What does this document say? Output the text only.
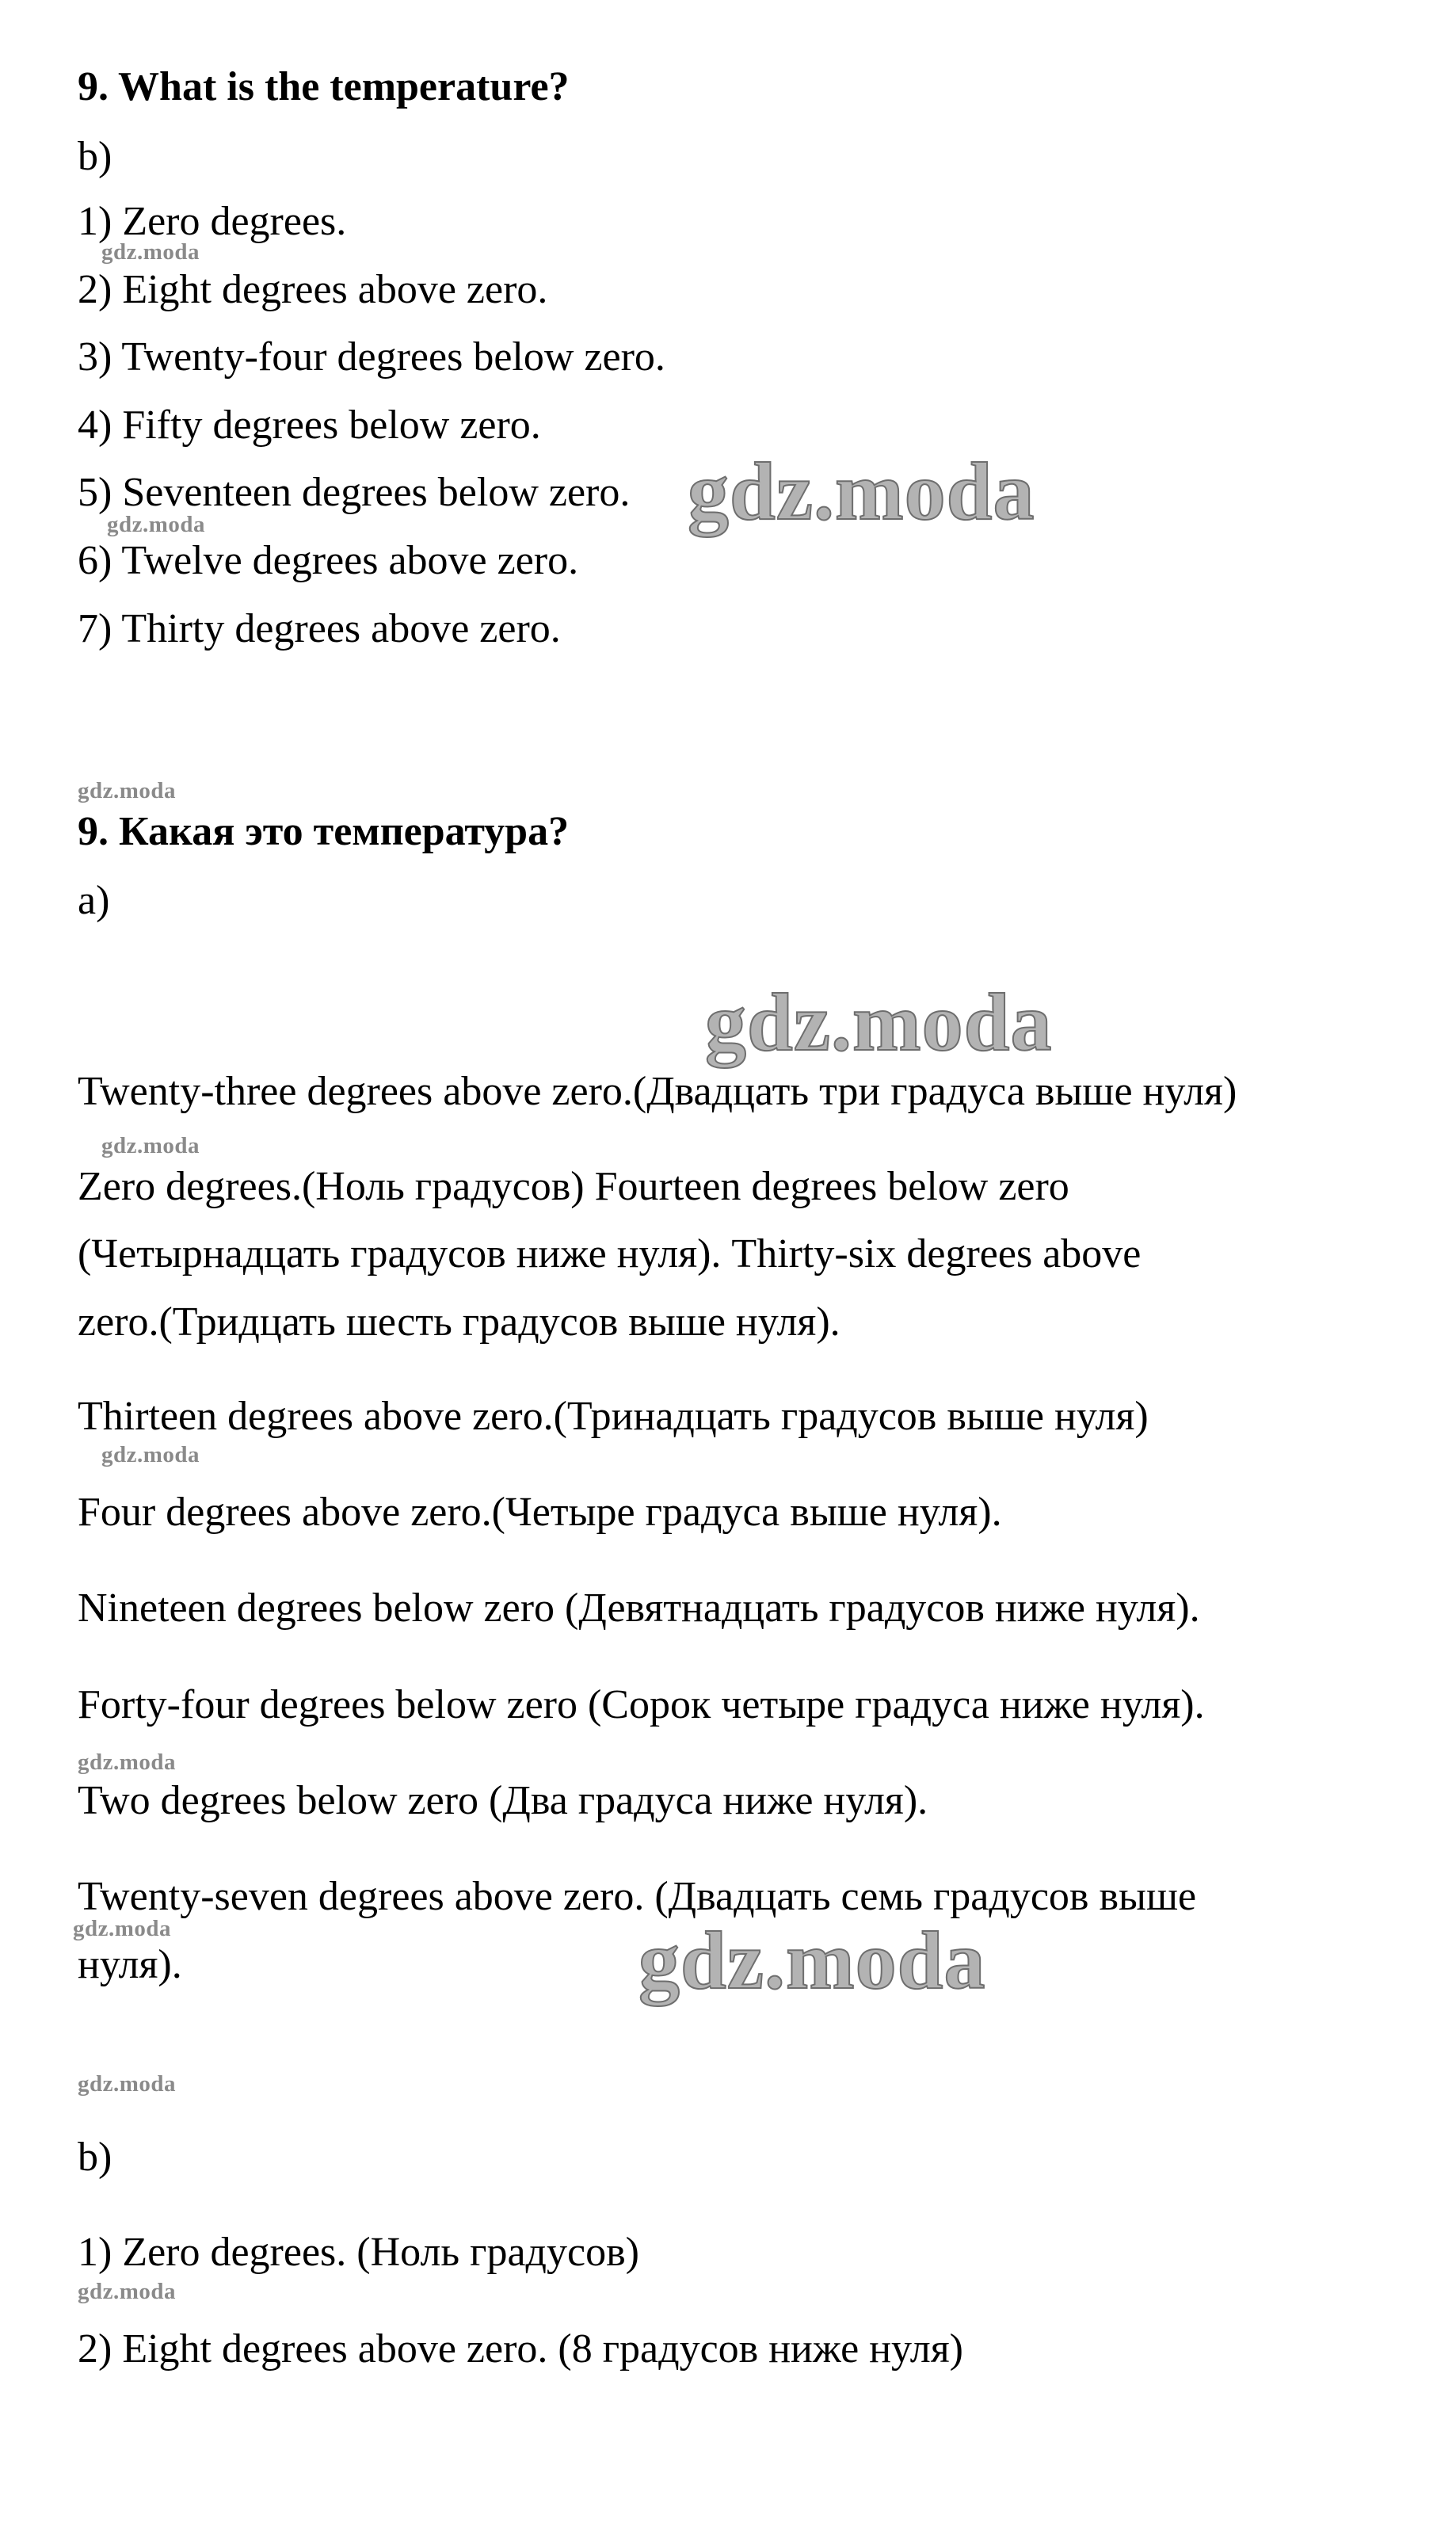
9. What is the temperature?
b)
1) Zero degrees.
2) Eight degrees above zero.
3) Twenty-four degrees below zero.
4) Fifty degrees below zero.
5) Seventeen degrees below zero.
6) Twelve degrees above zero.
7) Thirty degrees above zero.
9. Какая это температура?
a)
Twenty-three degrees above zero.(Двадцать три градуса выше нуля)
Zero degrees.(Ноль градусов) Fourteen degrees below zero
(Четырнадцать градусов ниже нуля). Thirty-six degrees above
zero.(Тридцать шесть градусов выше нуля).
Thirteen degrees above zero.(Тринадцать градусов выше нуля)
Four degrees above zero.(Четыре градуса выше нуля).
Nineteen degrees below zero (Девятнадцать градусов ниже нуля).
Forty-four degrees below zero (Сорок четыре градуса ниже нуля).
Two degrees below zero (Два градуса ниже нуля).
Twenty-seven degrees above zero. (Двадцать семь градусов выше
нуля).
b)
1) Zero degrees. (Ноль градусов)
2) Eight degrees above zero. (8 градусов ниже нуля)
gdz.moda
gdz.moda
gdz.moda
gdz.moda
gdz.moda
gdz.moda
gdz.moda
gdz.moda
gdz.moda
gdz.moda
gdz.moda
gdz.moda
